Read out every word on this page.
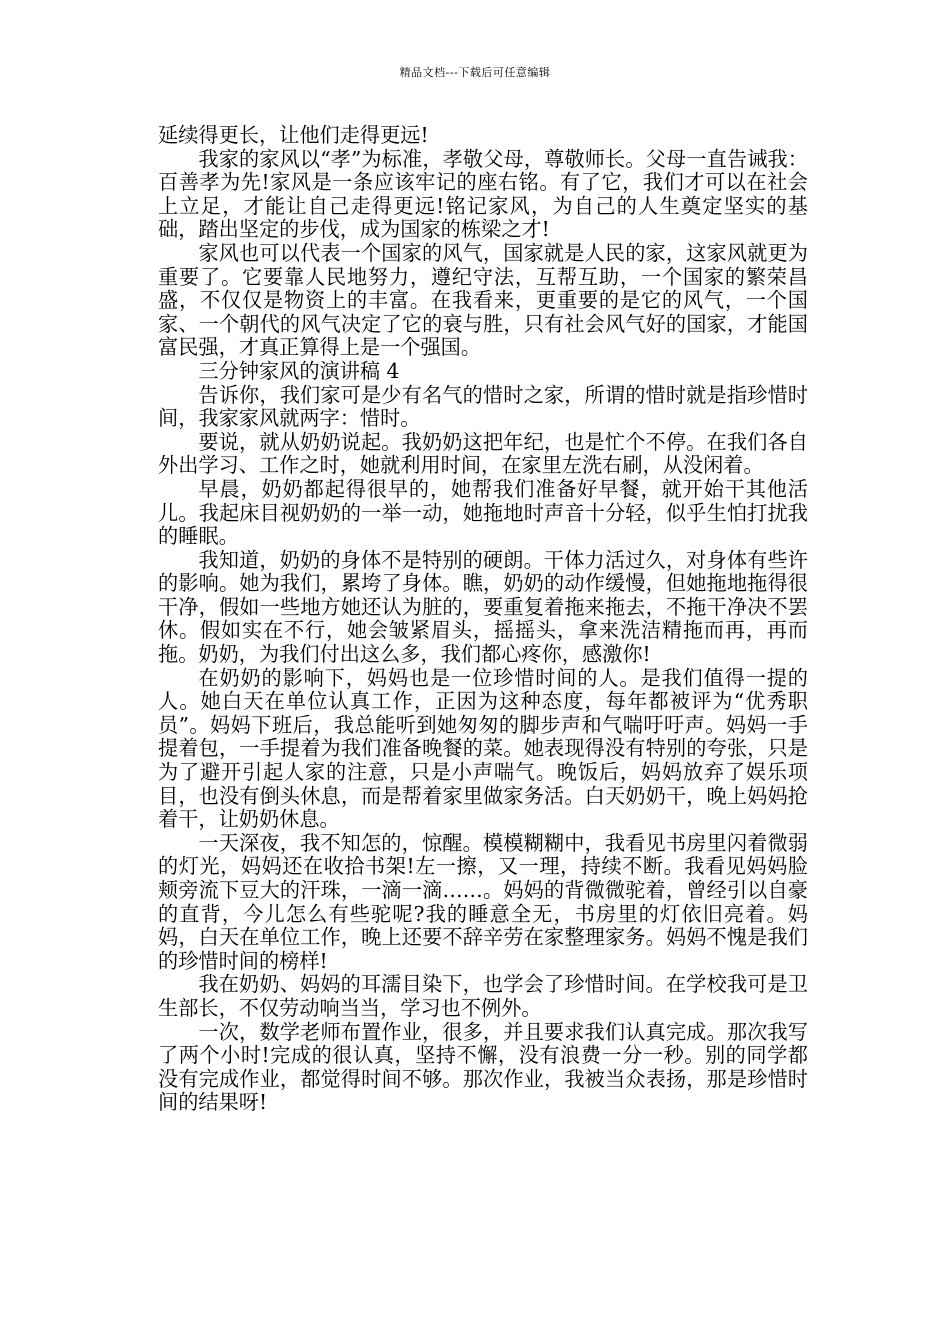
精品文档---下载后可任意编辑

延续得更长，让他们走得更远!

我家的家风以“孝”为标准，孝敬父母，尊敬师长。父母一直告诫我：百善孝为先!家风是一条应该牢记的座右铭。有了它，我们才可以在社会上立足，才能让自己走得更远!铭记家风，为自己的人生奠定坚实的基础，踏出坚定的步伐，成为国家的栋梁之才!

家风也可以代表一个国家的风气，国家就是人民的家，这家风就更为重要了。它要靠人民地努力，遵纪守法，互帮互助，一个国家的繁荣昌盛，不仅仅是物资上的丰富。在我看来，更重要的是它的风气，一个国家、一个朝代的风气决定了它的衰与胜，只有社会风气好的国家，才能国富民强，才真正算得上是一个强国。

三分钟家风的演讲稿 4

告诉你，我们家可是少有名气的惜时之家，所谓的惜时就是指珍惜时间，我家家风就两字：惜时。

要说，就从奶奶说起。我奶奶这把年纪，也是忙个不停。在我们各自外出学习、工作之时，她就利用时间，在家里左洗右刷，从没闲着。

早晨，奶奶都起得很早的，她帮我们准备好早餐，就开始干其他活儿。我起床目视奶奶的一举一动，她拖地时声音十分轻，似乎生怕打扰我的睡眠。

我知道，奶奶的身体不是特别的硬朗。干体力活过久，对身体有些许的影响。她为我们，累垮了身体。瞧，奶奶的动作缓慢，但她拖地拖得很干净，假如一些地方她还认为脏的，要重复着拖来拖去，不拖干净决不罢休。假如实在不行，她会皱紧眉头，摇摇头，拿来洗洁精拖而再，再而拖。奶奶，为我们付出这么多，我们都心疼你，感激你!

在奶奶的影响下，妈妈也是一位珍惜时间的人。是我们值得一提的人。她白天在单位认真工作，正因为这种态度，每年都被评为“优秀职员”。妈妈下班后，我总能听到她匆匆的脚步声和气喘吁吁声。妈妈一手提着包，一手提着为我们准备晚餐的菜。她表现得没有特别的夸张，只是为了避开引起人家的注意，只是小声喘气。晚饭后，妈妈放弃了娱乐项目，也没有倒头休息，而是帮着家里做家务活。白天奶奶干，晚上妈妈抢着干，让奶奶休息。

一天深夜，我不知怎的，惊醒。模模糊糊中，我看见书房里闪着微弱的灯光，妈妈还在收拾书架!左一擦，又一理，持续不断。我看见妈妈脸颊旁流下豆大的汗珠，一滴一滴……。妈妈的背微微驼着，曾经引以自豪的直背，今儿怎么有些驼呢?我的睡意全无，书房里的灯依旧亮着。妈妈，白天在单位工作，晚上还要不辞辛劳在家整理家务。妈妈不愧是我们的珍惜时间的榜样!

我在奶奶、妈妈的耳濡目染下，也学会了珍惜时间。在学校我可是卫生部长，不仅劳动响当当，学习也不例外。

一次，数学老师布置作业，很多，并且要求我们认真完成。那次我写了两个小时!完成的很认真，坚持不懈，没有浪费一分一秒。别的同学都没有完成作业，都觉得时间不够。那次作业，我被当众表扬，那是珍惜时间的结果呀!
